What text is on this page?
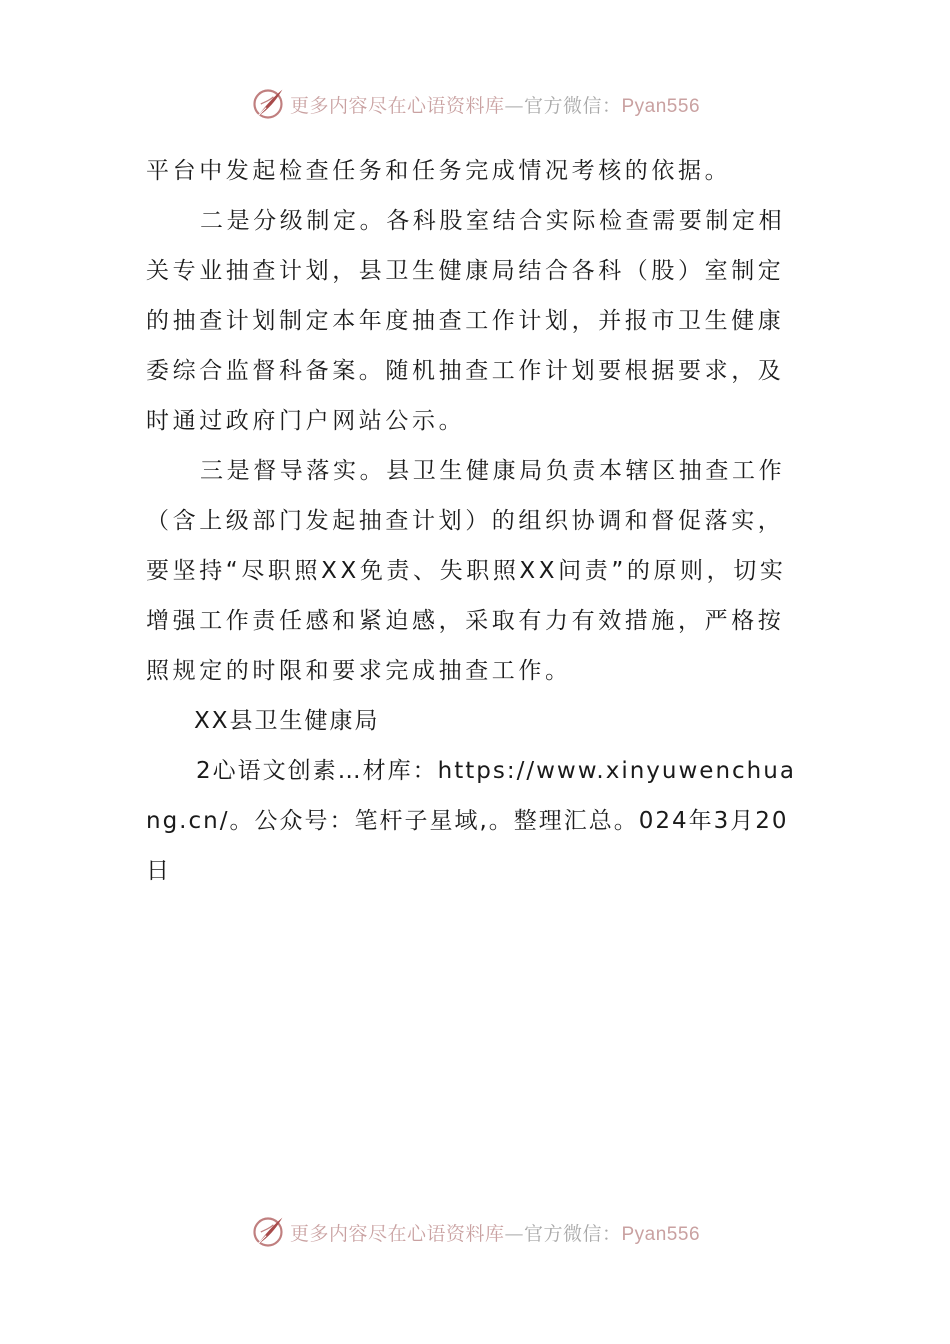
更多内容尽在心语资料库—官方微信：Pyan556

平台中发起检查任务和任务完成情况考核的依据。

二是分级制定。各科股室结合实际检查需要制定相关专业抽查计划，县卫生健康局结合各科（股）室制定的抽查计划制定本年度抽查工作计划，并报市卫生健康委综合监督科备案。随机抽查工作计划要根据要求，及时通过政府门户网站公示。

三是督导落实。县卫生健康局负责本辖区抽查工作（含上级部门发起抽查计划）的组织协调和督促落实，要坚持“尽职照XX免责、失职照XX问责”的原则，切实增强工作责任感和紧迫感，采取有力有效措施，严格按照规定的时限和要求完成抽查工作。

XX县卫生健康局

2心语文创素…材库：https://www.xinyuwenchuang.cn/。公众号：笔杆子星域,。整理汇总。024年3月20日

更多内容尽在心语资料库—官方微信：Pyan556
